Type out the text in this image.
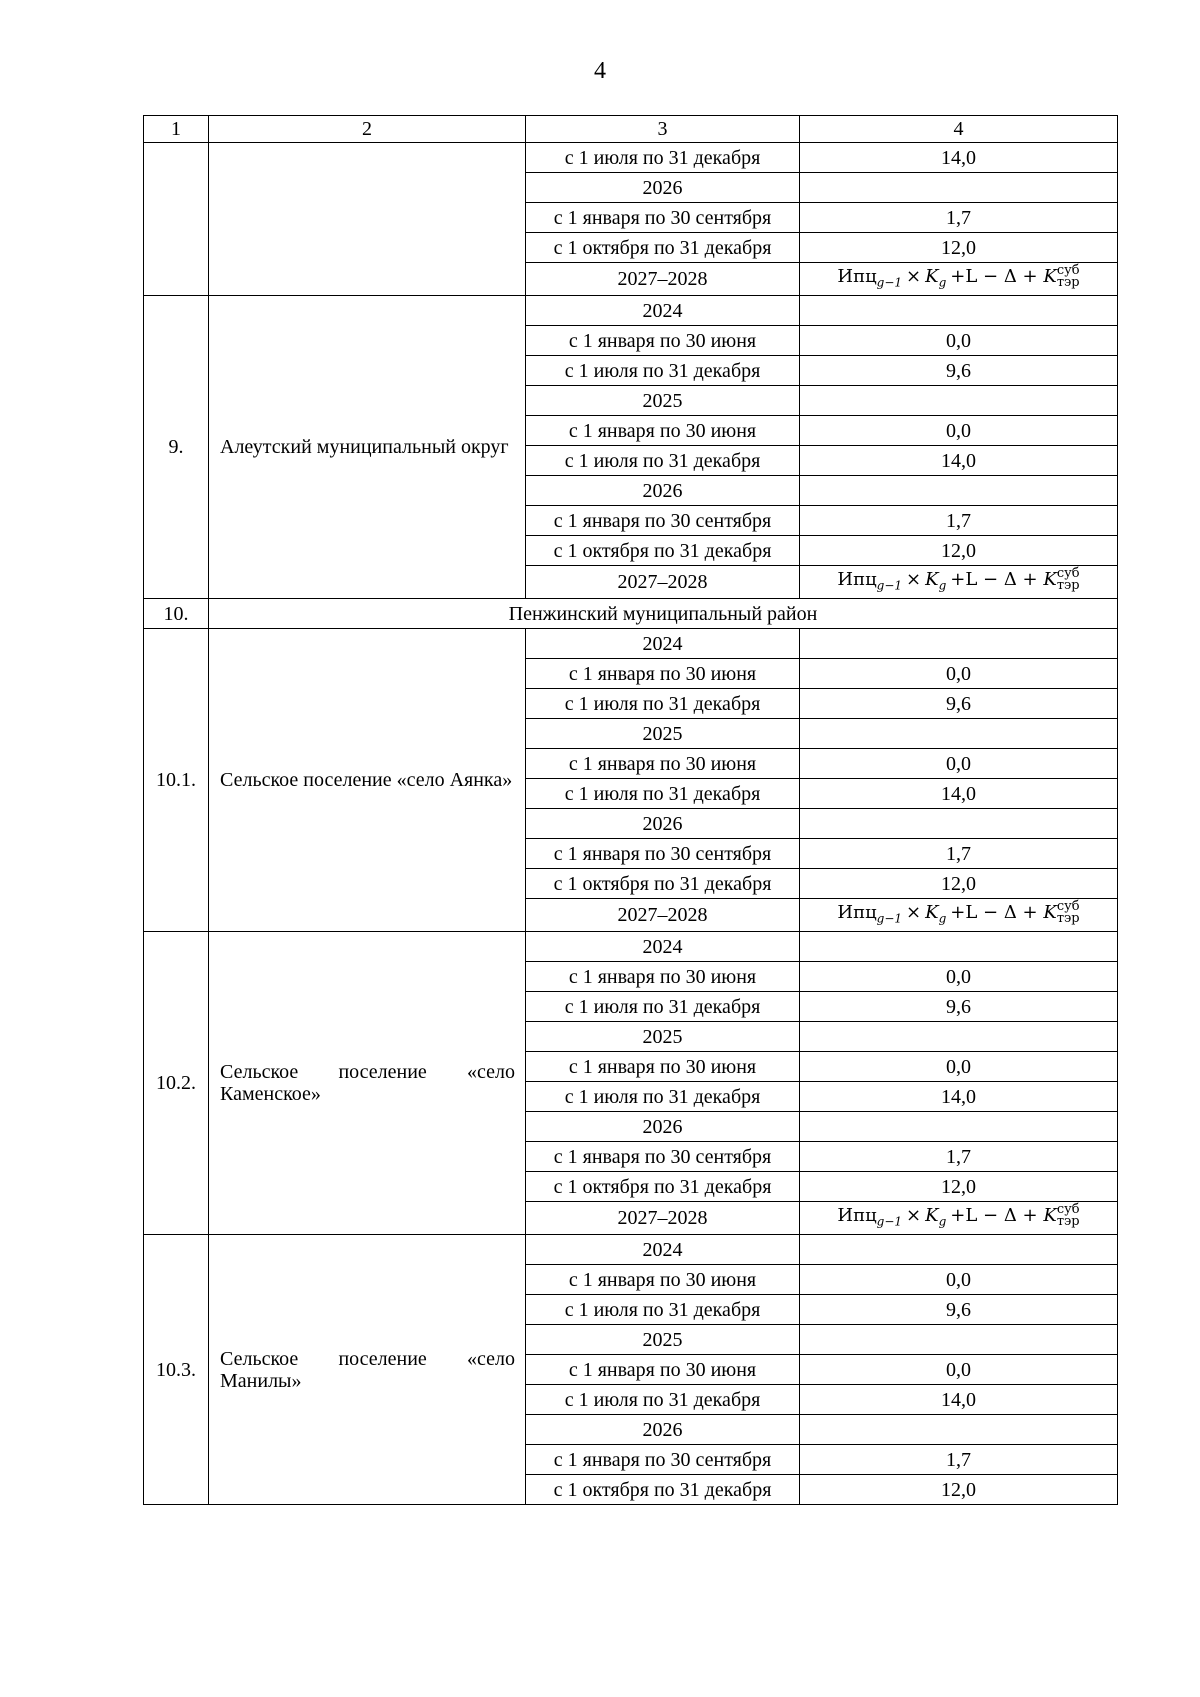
4
1	2	3	4
		с 1 июля по 31 декабря	14,0
		2026	
		с 1 января по 30 сентября	1,7
		с 1 октября по 31 декабря	12,0
		2027–2028	$Ипц_{g-1} \times K_g +L - \Delta + K$ суб
тэр

9.	Алеутский муниципальный округ	2024	
		с 1 января по 30 июня	0,0
		с 1 июля по 31 декабря	9,6
		2025	
		с 1 января по 30 июня	0,0
		с 1 июля по 31 декабря	14,0
		2026	
		с 1 января по 30 сентября	1,7
		с 1 октября по 31 декабря	12,0
		2027–2028	$Ипц_{g-1} \times K_g +L - \Delta + K$ суб
тэр

10.	Пенжинский муниципальный район		
10.1.	Сельское поселение «село Аянка»	2024	
		с 1 января по 30 июня	0,0
		с 1 июля по 31 декабря	9,6
		2025	
		с 1 января по 30 июня	0,0
		с 1 июля по 31 декабря	14,0
		2026	
		с 1 января по 30 сентября	1,7
		с 1 октября по 31 декабря	12,0
		2027–2028	$Ипц_{g-1} \times K_g +L - \Delta + K$ суб
тэр

10.2.	Сельское поселение «село Каменское»	2024	
		с 1 января по 30 июня	0,0
		с 1 июля по 31 декабря	9,6
		2025	
		с 1 января по 30 июня	0,0
		с 1 июля по 31 декабря	14,0
		2026	
		с 1 января по 30 сентября	1,7
		с 1 октября по 31 декабря	12,0
		2027–2028	$Ипц_{g-1} \times K_g +L - \Delta + K$ суб
тэр

10.3.	Сельское поселение «село Манилы»	2024	
		с 1 января по 30 июня	0,0
		с 1 июля по 31 декабря	9,6
		2025	
		с 1 января по 30 июня	0,0
		с 1 июля по 31 декабря	14,0
		2026	
		с 1 января по 30 сентября	1,7
		с 1 октября по 31 декабря	12,0
